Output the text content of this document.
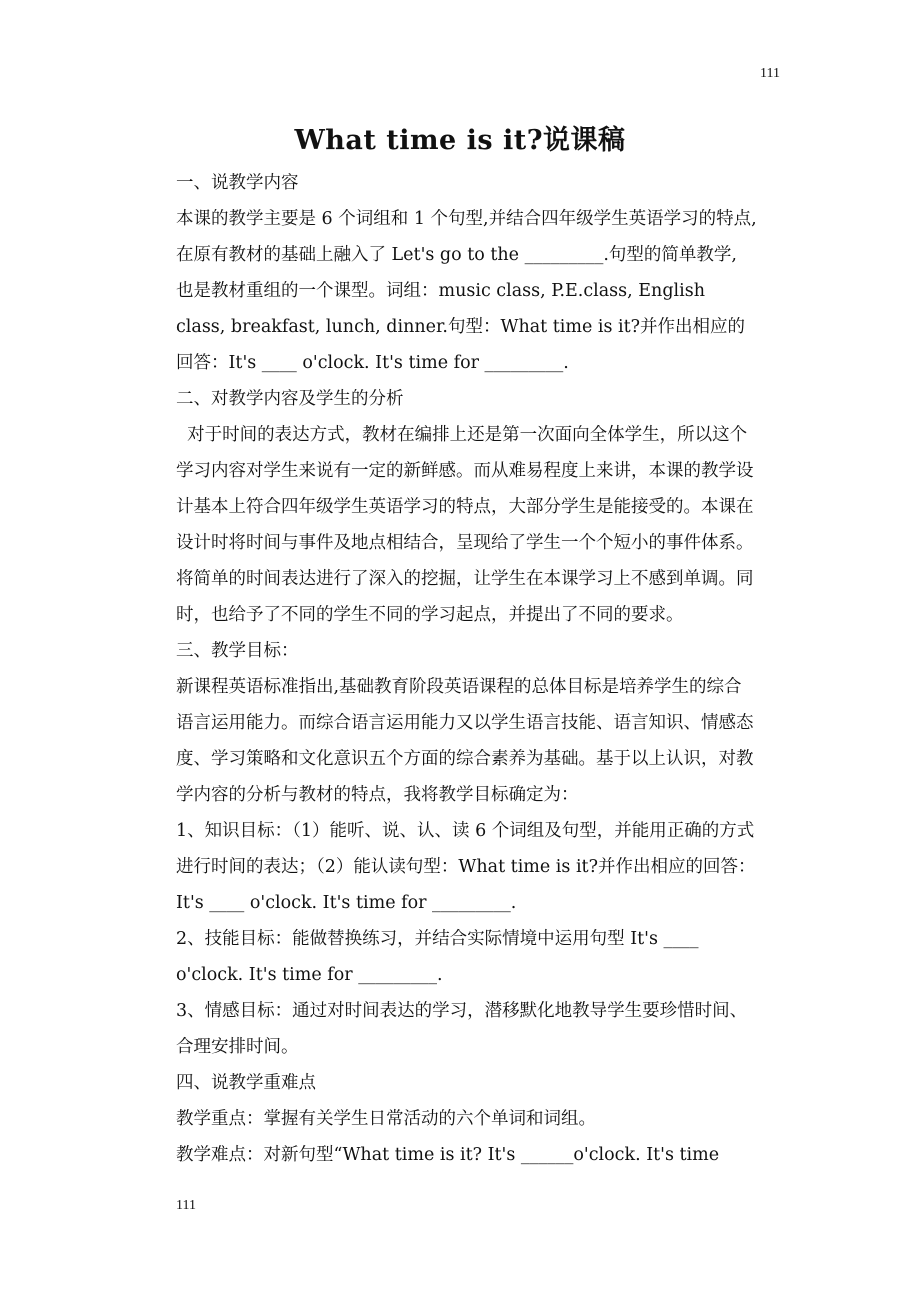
111
What time is it?说课稿
一、说教学内容
本课的教学主要是 6 个词组和 1 个句型,并结合四年级学生英语学习的特点,
在原有教材的基础上融入了 Let's go to the _________.句型的简单教学,
也是教材重组的一个课型。词组：music class, P.E.class, English
class, breakfast, lunch, dinner.句型：What time is it?并作出相应的
回答：It's ____ o'clock. It's time for _________.
二、对教学内容及学生的分析
对于时间的表达方式，教材在编排上还是第一次面向全体学生，所以这个
学习内容对学生来说有一定的新鲜感。而从难易程度上来讲，本课的教学设
计基本上符合四年级学生英语学习的特点，大部分学生是能接受的。本课在
设计时将时间与事件及地点相结合，呈现给了学生一个个短小的事件体系。
将简单的时间表达进行了深入的挖掘，让学生在本课学习上不感到单调。同
时，也给予了不同的学生不同的学习起点，并提出了不同的要求。
三、教学目标：
新课程英语标准指出,基础教育阶段英语课程的总体目标是培养学生的综合
语言运用能力。而综合语言运用能力又以学生语言技能、语言知识、情感态
度、学习策略和文化意识五个方面的综合素养为基础。基于以上认识，对教
学内容的分析与教材的特点，我将教学目标确定为：
1、知识目标：（1）能听、说、认、读 6 个词组及句型，并能用正确的方式
进行时间的表达；（2）能认读句型：What time is it?并作出相应的回答：
It's ____ o'clock. It's time for _________.
2、技能目标：能做替换练习，并结合实际情境中运用句型 It's ____
o'clock. It's time for _________.
3、情感目标：通过对时间表达的学习，潜移默化地教导学生要珍惜时间、
合理安排时间。
四、说教学重难点
教学重点：掌握有关学生日常活动的六个单词和词组。
教学难点：对新句型“What time is it? It's ______o'clock. It's time
111
